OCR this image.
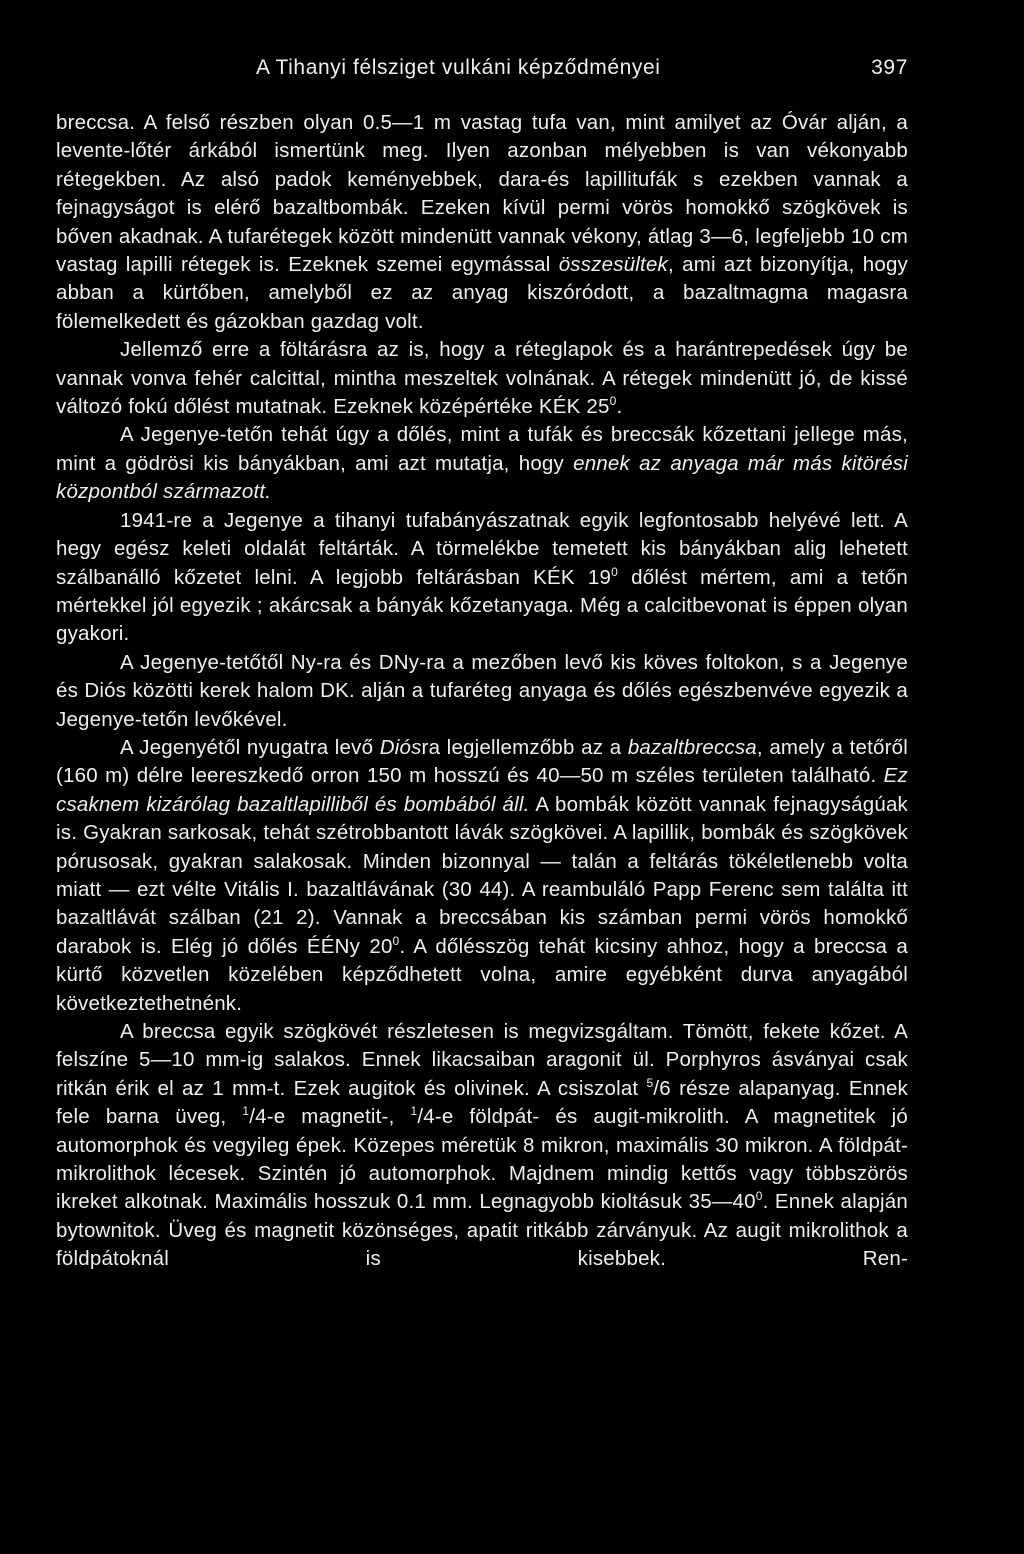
A Tihanyi félsziget vulkáni képződményei	397

breccsa. A felső részben olyan 0.5—1 m vastag tufa van, mint amilyet az Óvár alján, a levente-lőtér árkából ismertünk meg. Ilyen azonban mélyebben is van vékonyabb rétegekben. Az alsó padok keményebbek, dara-és lapillitufák s ezekben vannak a fejnagyságot is elérő bazaltbombák. Ezeken kívül permi vörös homokkő szögkövek is bőven akadnak. A tufarétegek között mindenütt vannak vékony, átlag 3—6, legfeljebb 10 cm vastag lapilli rétegek is. Ezeknek szemei egymással összesültek, ami azt bizonyítja, hogy abban a kürtőben, amelyből ez az anyag kiszóródott, a bazaltmagma magasra fölemelkedett és gázokban gazdag volt.

Jellemző erre a föltárásra az is, hogy a réteglapok és a harántrepedések úgy be vannak vonva fehér calcittal, mintha meszeltek volnának. A rétegek mindenütt jó, de kissé változó fokú dőlést mutatnak. Ezeknek középértéke KÉK $25^0$.

A Jegenye-tetőn tehát úgy a dőlés, mint a tufák és breccsák kőzettani jellege más, mint a gödrösi kis bányákban, ami azt mutatja, hogy ennek az anyaga már más kitörési központból származott.

1941-re a Jegenye a tihanyi tufabányászatnak egyik legfontosabb helyévé lett. A hegy egész keleti oldalát feltárták. A törmelékbe temetett kis bányákban alig lehetett szálbanálló kőzetet lelni. A legjobb feltárásban KÉK $19^0$ dőlést mértem, ami a tetőn mértekkel jól egyezik ; akárcsak a bányák kőzetanyaga. Még a calcitbevonat is éppen olyan gyakori.

A Jegenye-tetőtől Ny-ra és DNy-ra a mezőben levő kis köves foltokon, s a Jegenye és Diós közötti kerek halom DK. alján a tufaréteg anyaga és dőlés egészbenvéve egyezik a Jegenye-tetőn levőkével.

A Jegenyétől nyugatra levő Diósra legjellemzőbb az a bazaltbreccsa, amely a tetőről (160 m) délre leereszkedő orron 150 m hosszú és 40—50 m széles területen található. Ez csaknem kizárólag bazaltlapilliből és bombából áll. A bombák között vannak fejnagyságúak is. Gyakran sarkosak, tehát szétrobbantott lávák szögkövei. A lapillik, bombák és szögkövek pórusosak, gyakran salakosak. Minden bizonnyal — talán a feltárás tökéletlenebb volta miatt — ezt vélte Vitális I. bazaltlávának (30 44). A reambuláló Papp Ferenc sem találta itt bazaltlávát szálban (21 2). Vannak a breccsában kis számban permi vörös homokkő darabok is. Elég jó dőlés ÉÉNy $20^0$. A dőlésszög tehát kicsiny ahhoz, hogy a breccsa a kürtő közvetlen közelében képződhetett volna, amire egyébként durva anyagából következtethetnénk.

A breccsa egyik szögkövét részletesen is megvizsgáltam. Tömött, fekete kőzet. A felszíne 5—10 mm-ig salakos. Ennek likacsaiban aragonit ül. Porphyros ásványai csak ritkán érik el az 1 mm-t. Ezek augitok és olivinek. A csiszolat $^5$/6 része alapanyag. Ennek fele barna üveg, $^1$/4-e magnetit-, $^1$/4-e földpát- és augit-mikrolith. A magnetitek jó automorphok és vegyileg épek. Közepes méretük 8 mikron, maximális 30 mikron. A földpát-mikrolithok lécesek. Szintén jó automorphok. Majdnem mindig kettős vagy többszörös ikreket alkotnak. Maximális hosszuk 0.1 mm. Legnagyobb kioltásuk $35—40^0$. Ennek alapján bytownitok. Üveg és magnetit közönséges, apatit ritkább zárványuk. Az augit mikrolithok a földpátoknál is kisebbek. Ren-
